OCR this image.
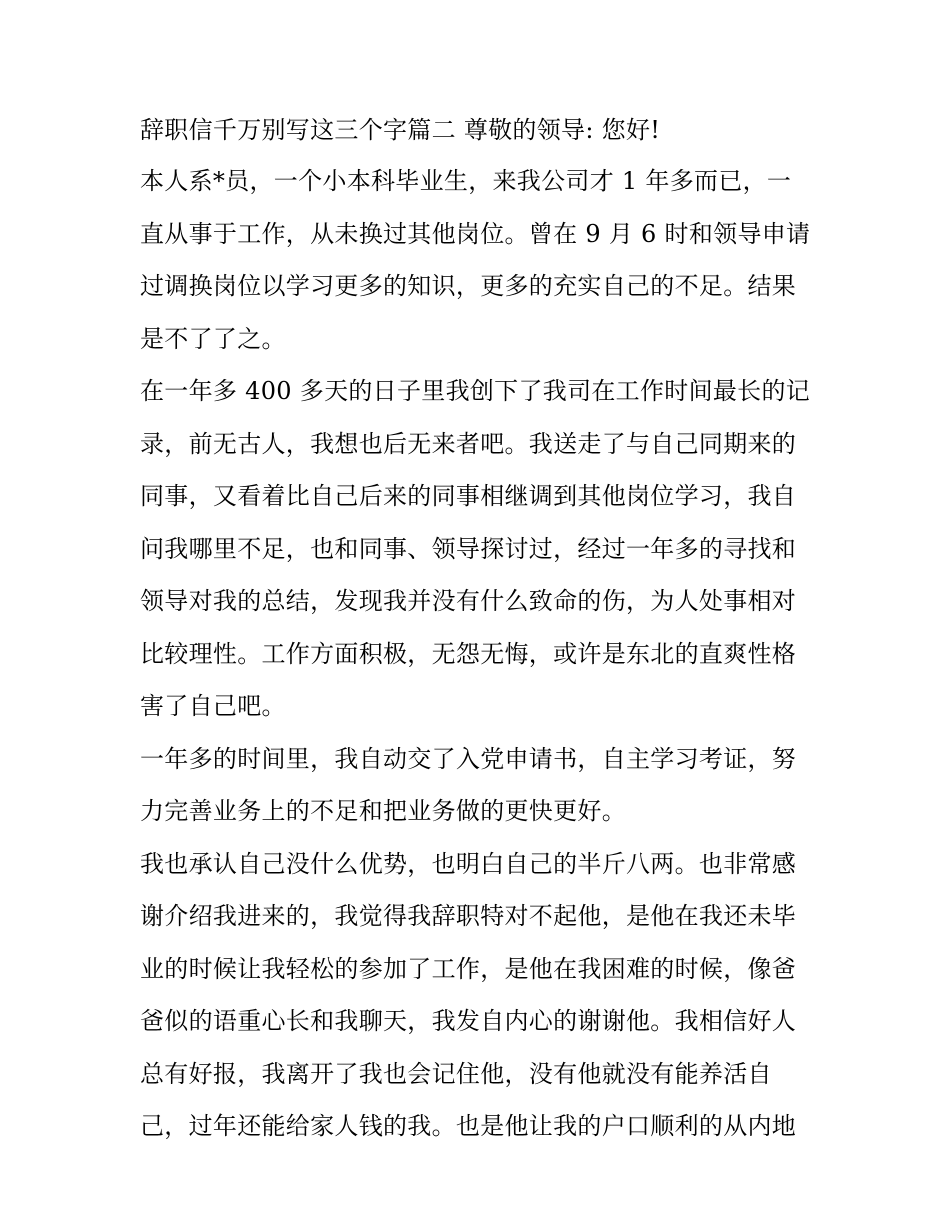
辞职信千万别写这三个字篇二 尊敬的领导: 您好!
本人系*员，一个小本科毕业生，来我公司才 1 年多而已，一
直从事于工作，从未换过其他岗位。曾在 9 月 6 时和领导申请
过调换岗位以学习更多的知识，更多的充实自己的不足。结果
是不了了之。
在一年多 400 多天的日子里我创下了我司在工作时间最长的记
录，前无古人，我想也后无来者吧。我送走了与自己同期来的
同事，又看着比自己后来的同事相继调到其他岗位学习，我自
问我哪里不足，也和同事、领导探讨过，经过一年多的寻找和
领导对我的总结，发现我并没有什么致命的伤，为人处事相对
比较理性。工作方面积极，无怨无悔，或许是东北的直爽性格
害了自己吧。
一年多的时间里，我自动交了入党申请书，自主学习考证，努
力完善业务上的不足和把业务做的更快更好。
我也承认自己没什么优势，也明白自己的半斤八两。也非常感
谢介绍我进来的，我觉得我辞职特对不起他，是他在我还未毕
业的时候让我轻松的参加了工作，是他在我困难的时候，像爸
爸似的语重心长和我聊天，我发自内心的谢谢他。我相信好人
总有好报，我离开了我也会记住他，没有他就没有能养活自
己，过年还能给家人钱的我。也是他让我的户口顺利的从内地
